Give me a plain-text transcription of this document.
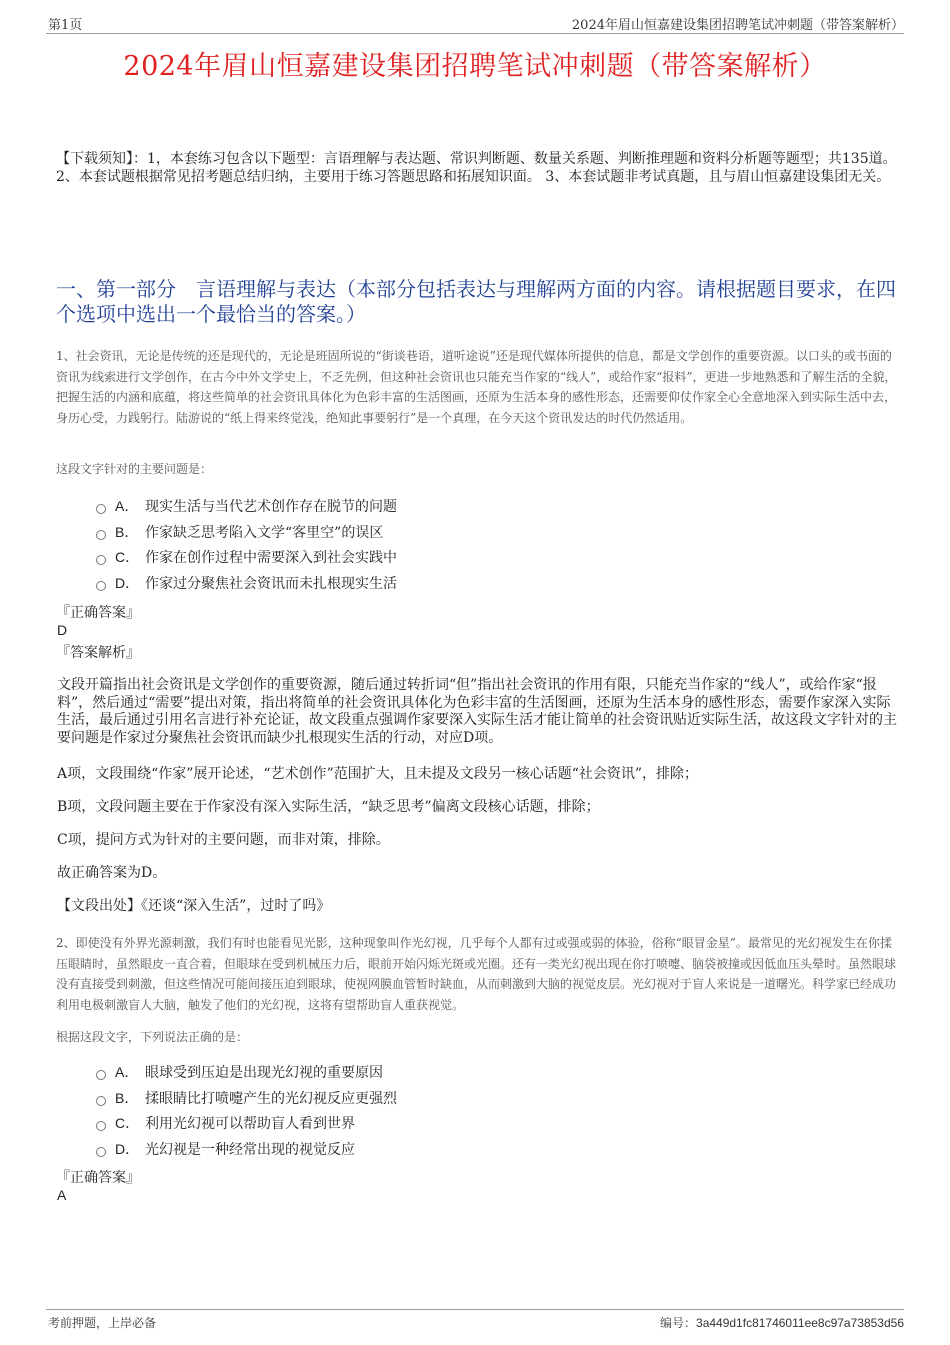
第1页	2024年眉山恒嘉建设集团招聘笔试冲刺题（带答案解析）
2024年眉山恒嘉建设集团招聘笔试冲刺题（带答案解析）
【下载须知】：1，本套练习包含以下题型：言语理解与表达题、常识判断题、数量关系题、判断推理题和资料分析题等题型；共135道。 2、本套试题根据常见招考题总结归纳，主要用于练习答题思路和拓展知识面。 3、本套试题非考试真题，且与眉山恒嘉建设集团无关。
一、第一部分　言语理解与表达（本部分包括表达与理解两方面的内容。请根据题目要求，在四个选项中选出一个最恰当的答案。）
1、社会资讯，无论是传统的还是现代的，无论是班固所说的“街谈巷语，道听途说”还是现代媒体所提供的信息，都是文学创作的重要资源。以口头的或书面的资讯为线索进行文学创作，在古今中外文学史上，不乏先例，但这种社会资讯也只能充当作家的“线人”，或给作家“报料”，更进一步地熟悉和了解生活的全貌，把握生活的内涵和底蕴，将这些简单的社会资讯具体化为色彩丰富的生活图画，还原为生活本身的感性形态，还需要仰仗作家全心全意地深入到实际生活中去，身历心受，力践躬行。陆游说的“纸上得来终觉浅，绝知此事要躬行”是一个真理，在今天这个资讯发达的时代仍然适用。
这段文字针对的主要问题是：
A． 现实生活与当代艺术创作存在脱节的问题
B． 作家缺乏思考陷入文学“客里空”的误区
C． 作家在创作过程中需要深入到社会实践中
D． 作家过分聚焦社会资讯而未扎根现实生活
『正确答案』
D
『答案解析』
文段开篇指出社会资讯是文学创作的重要资源，随后通过转折词“但”指出社会资讯的作用有限，只能充当作家的“线人”，或给作家“报料”，然后通过“需要”提出对策，指出将简单的社会资讯具体化为色彩丰富的生活图画，还原为生活本身的感性形态，需要作家深入实际生活，最后通过引用名言进行补充论证，故文段重点强调作家要深入实际生活才能让简单的社会资讯贴近实际生活，故这段文字针对的主要问题是作家过分聚焦社会资讯而缺少扎根现实生活的行动，对应D项。
A项，文段围绕“作家”展开论述，“艺术创作”范围扩大，且未提及文段另一核心话题“社会资讯”，排除；
B项，文段问题主要在于作家没有深入实际生活，“缺乏思考”偏离文段核心话题，排除；
C项，提问方式为针对的主要问题，而非对策，排除。
故正确答案为D。
【文段出处】《还谈“深入生活”，过时了吗》
2、即使没有外界光源刺激，我们有时也能看见光影，这种现象叫作光幻视，几乎每个人都有过或强或弱的体验，俗称“眼冒金星”。最常见的光幻视发生在你揉压眼睛时，虽然眼皮一直合着，但眼球在受到机械压力后，眼前开始闪烁光斑或光圈。还有一类光幻视出现在你打喷嚏、脑袋被撞或因低血压头晕时。虽然眼球没有直接受到刺激，但这些情况可能间接压迫到眼球，使视网膜血管暂时缺血，从而刺激到大脑的视觉皮层。光幻视对于盲人来说是一道曙光。科学家已经成功利用电极刺激盲人大脑，触发了他们的光幻视，这将有望帮助盲人重获视觉。
根据这段文字，下列说法正确的是：
A． 眼球受到压迫是出现光幻视的重要原因
B． 揉眼睛比打喷嚏产生的光幻视反应更强烈
C． 利用光幻视可以帮助盲人看到世界
D． 光幻视是一种经常出现的视觉反应
『正确答案』
A
考前押题，上岸必备	编号：3a449d1fc81746011ee8c97a73853d56
